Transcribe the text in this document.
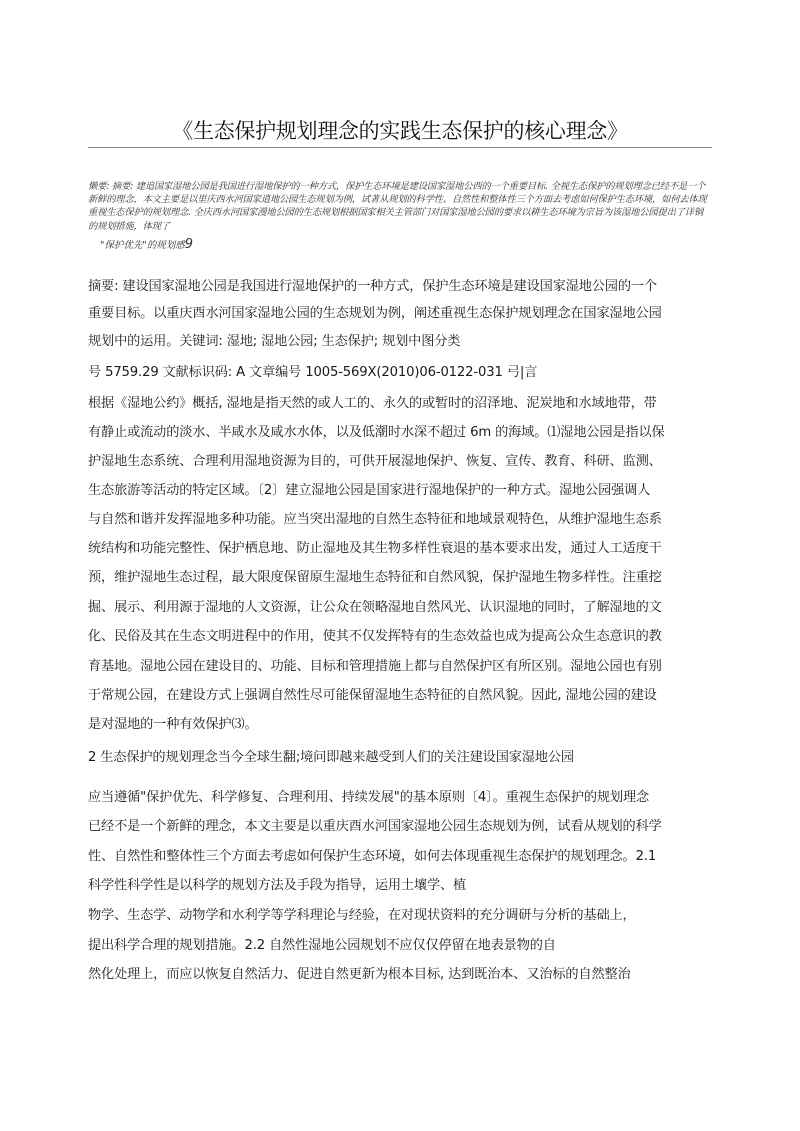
《生态保护规划理念的实践生态保护的核心理念》
懒要: 摘要: 建追国家湿地公园是我国进行湿地保护的一种方式，保护生态环境是建设国家湿地公西的一个重要目标. 全视生态保护的规划理念已经不是一个新鲜的理念，本文主要是以里庆西水河国家逍地公园生态规划为例，试著从规划的科学性、自然性和整体性三个方面去考虑如何保护生态环境，如何去体现重视生态保护的规划理念. 全庆西水河国家漫地公园的生态规划根据国家相关主管部门对国家湿地公园的要求以耕生态环境为宗旨为该湿地公园提出了详铜的规划措施，体现了
"保护优先"的规划感9
摘要: 建设国家湿地公园是我国进行湿地保护的一种方式，保护生态环境是建设国家湿地公园的一个
重要目标。以重庆酉水河国家湿地公园的生态规划为例，阐述重视生态保护规划理念在国家湿地公园
规划中的运用。关键词: 湿地; 湿地公园; 生态保护; 规划中图分类
号 5759.29 文献标识码: A 文章编号 1005-569X(2010)06-0122-031 弓|言
根据《湿地公约》概括, 湿地是指天然的或人工的、永久的或暂时的沼泽地、泥炭地和水域地带，带
有静止或流动的淡水、半咸水及咸水水体，以及低潮时水深不超过 6m 的海域。⑴湿地公园是指以保
护湿地生态系统、合理利用湿地资源为目的，可供开展湿地保护、恢复、宣传、教育、科研、监测、
生态旅游等活动的特定区域。〔2〕建立湿地公园是国家进行湿地保护的一种方式。湿地公园强调人
与自然和谐并发挥湿地多种功能。应当突出湿地的自然生态特征和地域景观特色，从维护湿地生态系
统结构和功能完整性、保护栖息地、防止湿地及其生物多样性衰退的基本要求出发，通过人工适度干
预，维护湿地生态过程，最大限度保留原生湿地生态特征和自然风貌，保护湿地生物多样性。注重挖
掘、展示、利用源于湿地的人文资源，让公众在领略湿地自然风光、认识湿地的同时，了解湿地的文
化、民俗及其在生态文明进程中的作用，使其不仅发挥特有的生态效益也成为提高公众生态意识的教
育基地。湿地公园在建设目的、功能、目标和管理措施上都与自然保护区有所区别。湿地公园也有别
于常规公园，在建设方式上强调自然性尽可能保留湿地生态特征的自然风貌。因此, 湿地公园的建设
是对湿地的一种有效保护⑶。
2 生态保护的规划理念当今全球生翻;境问即越来越受到人们的关注建设国家湿地公园
应当遵循"保护优先、科学修复、合理利用、持续发展"的基本原则〔4〕。重视生态保护的规划理念
已经不是一个新鲜的理念，本文主要是以重庆酉水河国家湿地公园生态规划为例，试看从规划的科学
性、自然性和整体性三个方面去考虑如何保护生态环境，如何去体现重视生态保护的规划理念。2.1
科学性科学性是以科学的规划方法及手段为指导，运用土壤学、植
物学、生态学、动物学和水利学等学科理论与经验，在对现状资料的充分调研与分析的基础上，
提出科学合理的规划措施。2.2 自然性湿地公园规划不应仅仅停留在地表景物的自
然化处理上，而应以恢复自然活力、促进自然更新为根本目标, 达到既治本、又治标的自然整治
